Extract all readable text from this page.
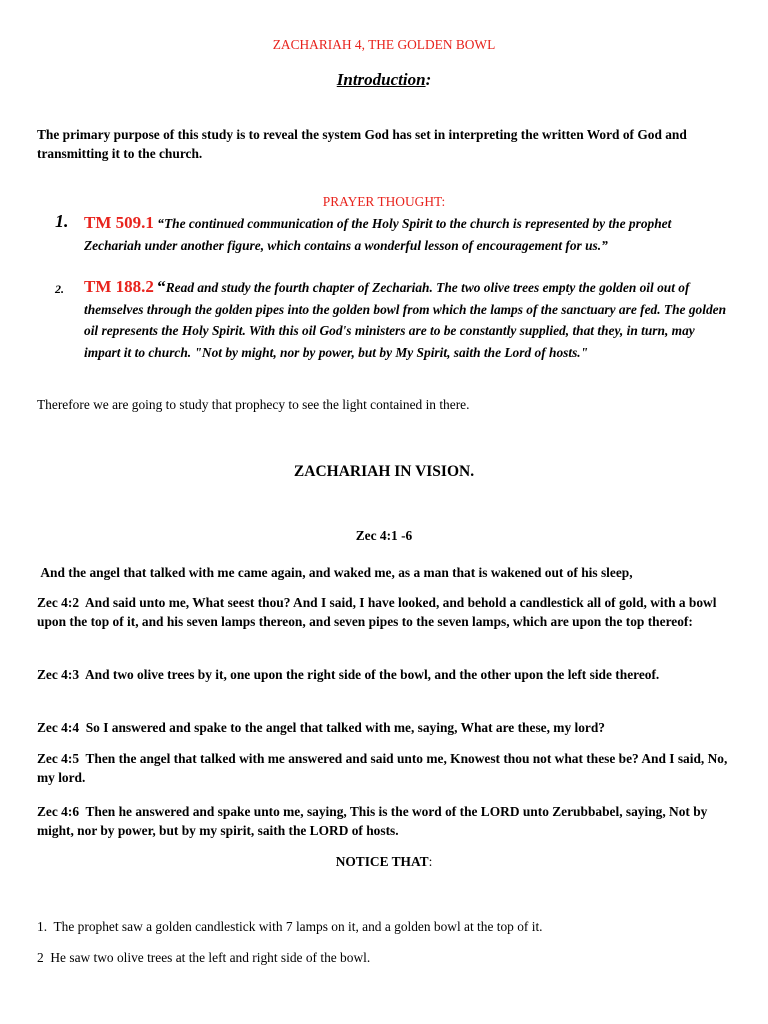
ZACHARIAH 4, THE GOLDEN BOWL
Introduction:
The primary purpose of this study is to reveal the system God has set in interpreting the written Word of God and transmitting it to the church.
PRAYER THOUGHT:
1. TM 509.1 “The continued communication of the Holy Spirit to the church is represented by the prophet Zechariah under another figure, which contains a wonderful lesson of encouragement for us.”
2. TM 188.2 “Read and study the fourth chapter of Zechariah. The two olive trees empty the golden oil out of themselves through the golden pipes into the golden bowl from which the lamps of the sanctuary are fed. The golden oil represents the Holy Spirit. With this oil God's ministers are to be constantly supplied, that they, in turn, may impart it to church. "Not by might, nor by power, but by My Spirit, saith the Lord of hosts."
Therefore we are going to study that prophecy to see the light contained in there.
ZACHARIAH IN VISION.
Zec 4:1 -6
And the angel that talked with me came again, and waked me, as a man that is wakened out of his sleep,
Zec 4:2  And said unto me, What seest thou? And I said, I have looked, and behold a candlestick all of gold, with a bowl upon the top of it, and his seven lamps thereon, and seven pipes to the seven lamps, which are upon the top thereof:
Zec 4:3  And two olive trees by it, one upon the right side of the bowl, and the other upon the left side thereof.
Zec 4:4  So I answered and spake to the angel that talked with me, saying, What are these, my lord?
Zec 4:5  Then the angel that talked with me answered and said unto me, Knowest thou not what these be? And I said, No, my lord.
Zec 4:6  Then he answered and spake unto me, saying, This is the word of the LORD unto Zerubbabel, saying, Not by might, nor by power, but by my spirit, saith the LORD of hosts.
NOTICE THAT:
1.  The prophet saw a golden candlestick with 7 lamps on it, and a golden bowl at the top of it.
2  He saw two olive trees at the left and right side of the bowl.
